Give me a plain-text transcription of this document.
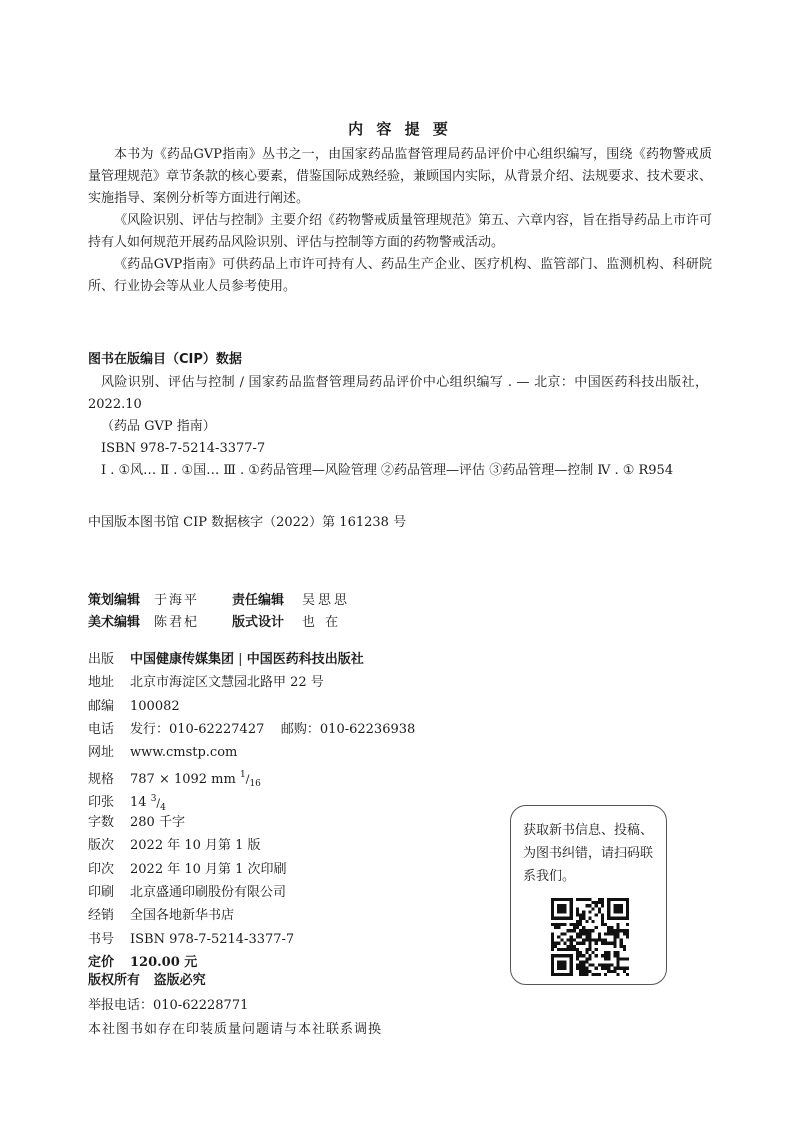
内 容 提 要

本书为《药品GVP指南》丛书之一，由国家药品监督管理局药品评价中心组织编写，围绕《药物警戒质量管理规范》章节条款的核心要素，借鉴国际成熟经验，兼顾国内实际，从背景介绍、法规要求、技术要求、实施指导、案例分析等方面进行阐述。

《风险识别、评估与控制》主要介绍《药物警戒质量管理规范》第五、六章内容，旨在指导药品上市许可持有人如何规范开展药品风险识别、评估与控制等方面的药物警戒活动。

《药品GVP指南》可供药品上市许可持有人、药品生产企业、医疗机构、监管部门、监测机构、科研院所、行业协会等从业人员参考使用。

图书在版编目（CIP）数据
风险识别、评估与控制 / 国家药品监督管理局药品评价中心组织编写 . — 北京：中国医药科技出版社，2022.10
（药品 GVP 指南）
ISBN 978-7-5214-3377-7
Ⅰ . ①风… Ⅱ . ①国… Ⅲ . ①药品管理—风险管理 ②药品管理—评估 ③药品管理—控制 Ⅳ . ① R954
中国版本图书馆 CIP 数据核字（2022）第 161238 号
策划编辑 于海平	责任编辑 吴思思
美术编辑 陈君杞	版式设计 也 在
出版 中国健康传媒集团 | 中国医药科技出版社
地址 北京市海淀区文慧园北路甲 22 号
邮编 100082
电话 发行：010-62227427    邮购：010-62236938
网址 www.cmstp.com
规格 787 × 1092 mm $^1/_{16}$
印张 14 $^3/_4$
字数 280 千字
版次 2022 年 10 月第 1 版
印次 2022 年 10 月第 1 次印刷
印刷 北京盛通印刷股份有限公司
经销 全国各地新华书店
书号 ISBN 978-7-5214-3377-7
定价 120.00 元
版权所有   盗版必究
举报电话：010-62228771
本社图书如存在印装质量问题请与本社联系调换
获取新书信息、投稿、为图书纠错，请扫码联系我们。
